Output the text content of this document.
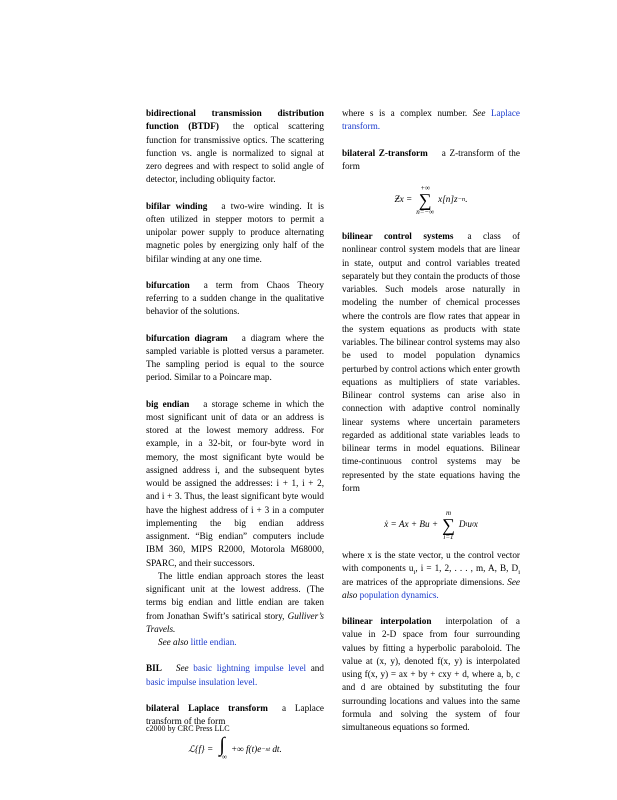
bidirectional transmission distribution function (BTDF) the optical scattering function for transmissive optics. The scattering function vs. angle is normalized to signal at zero degrees and with respect to solid angle of detector, including obliquity factor.

bifilar winding a two-wire winding. It is often utilized in stepper motors to permit a unipolar power supply to produce alternating magnetic poles by energizing only half of the bifilar winding at any one time.

bifurcation a term from Chaos Theory referring to a sudden change in the qualitative behavior of the solutions.

bifurcation diagram a diagram where the sampled variable is plotted versus a parameter. The sampling period is equal to the source period. Similar to a Poincare map.

big endian a storage scheme in which the most significant unit of data or an address is stored at the lowest memory address. For example, in a 32-bit, or four-byte word in memory, the most significant byte would be assigned address i, and the subsequent bytes would be assigned the addresses: i + 1, i + 2, and i + 3. Thus, the least significant byte would have the highest address of i + 3 in a computer implementing the big endian address assignment. “Big endian” computers include IBM 360, MIPS R2000, Motorola M68000, SPARC, and their successors.

The little endian approach stores the least significant unit at the lowest address. (The terms big endian and little endian are taken from Jonathan Swift’s satirical story, Gulliver’s Travels.

See also little endian.

BIL See basic lightning impulse level and basic impulse insulation level.

bilateral Laplace transform a Laplace transform of the form

ℒ{f} = ∫
−∞
+∞ f(t)e −st
dt.

where s is a complex number. See Laplace transform.

bilateral Z-transform a Z-transform of the form

Ƶx =
+∞
∑
n=−∞
x[n]z −n .

bilinear control systems a class of nonlinear control system models that are linear in state, output and control variables treated separately but they contain the products of those variables. Such models arose naturally in modeling the number of chemical processes where the controls are flow rates that appear in the system equations as products with state variables. The bilinear control systems may also be used to model population dynamics perturbed by control actions which enter growth equations as multipliers of state variables. Bilinear control systems can arise also in connection with adaptive control nominally linear systems where uncertain parameters regarded as additional state variables leads to bilinear terms in model equations. Bilinear time-continuous control systems may be represented by the state equations having the form

ẋ = Ax + Bu +
m
∑
i=1
D i u i x

where x is the state vector, u the control vector with components $u_i$, i = 1, 2, . . . , m, A, B, $D_i$ are matrices of the appropriate dimensions. See also population dynamics.

bilinear interpolation interpolation of a value in 2-D space from four surrounding values by fitting a hyperbolic paraboloid. The value at (x, y), denoted f(x, y) is interpolated using f(x, y) = ax + by + cxy + d, where a, b, c and d are obtained by substituting the four surrounding locations and values into the same formula and solving the system of four simultaneous equations so formed.

c2000 by CRC Press LLC
